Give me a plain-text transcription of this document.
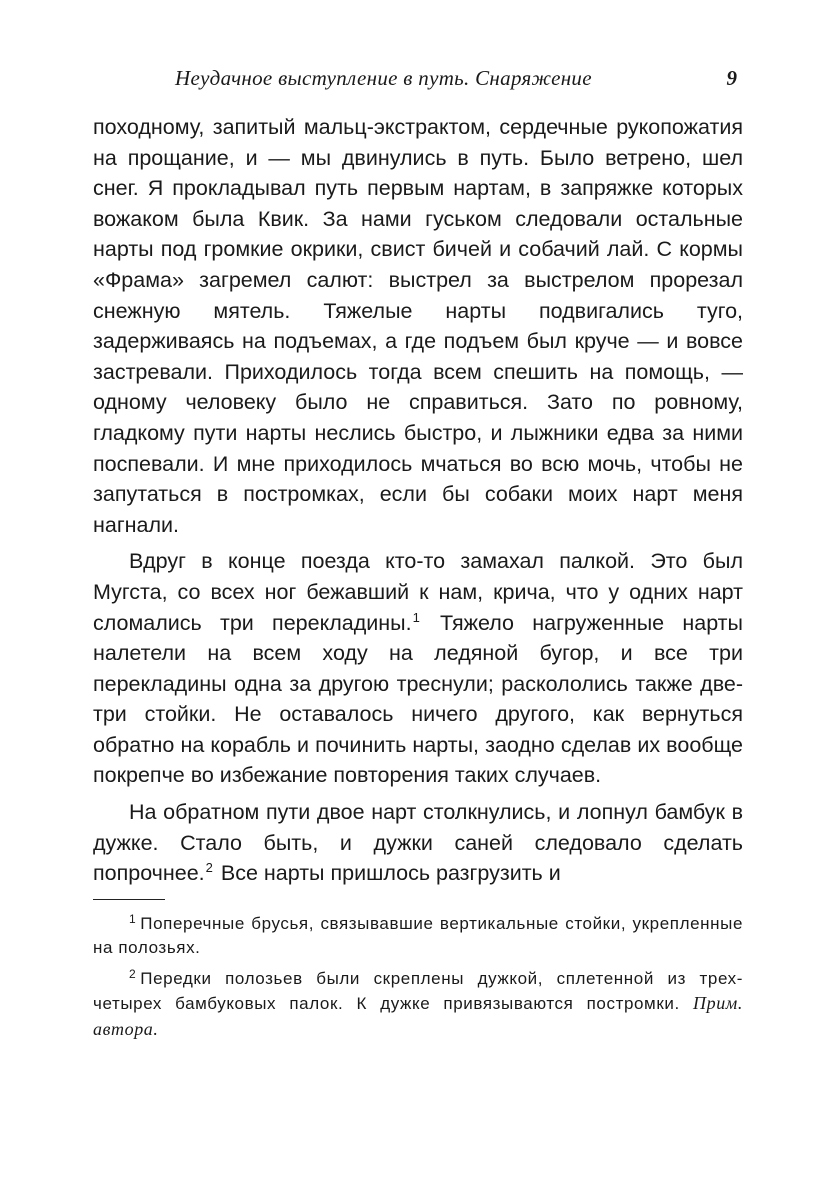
Неудачное выступление в путь. Снаряжение	9

походному, запитый мальц-экстрактом, сердечные рукопожатия на прощание, и — мы двинулись в путь. Было ветрено, шел снег. Я прокладывал путь первым нартам, в запряжке которых вожаком была Квик. За нами гуськом следовали остальные нарты под громкие окрики, свист бичей и собачий лай. С кормы «Фрама» загремел салют: выстрел за выстрелом прорезал снежную мятель. Тяжелые нарты подвигались туго, задерживаясь на подъемах, а где подъем был круче — и вовсе застревали. Приходилось тогда всем спешить на помощь, — одному человеку было не справиться. Зато по ровному, гладкому пути нарты неслись быстро, и лыжники едва за ними поспевали. И мне приходилось мчаться во всю мочь, чтобы не запутаться в постромках, если бы собаки моих нарт меня нагнали.

Вдруг в конце поезда кто-то замахал палкой. Это был Мугста, со всех ног бежавший к нам, крича, что у одних нарт сломались три перекладины.$^1$ Тяжело нагруженные нарты налетели на всем ходу на ледяной бугор, и все три перекладины одна за другою треснули; раскололись также две-три стойки. Не оставалось ничего другого, как вернуться обратно на корабль и починить нарты, заодно сделав их вообще покрепче во избежание повторения таких случаев.

На обратном пути двое нарт столкнулись, и лопнул бамбук в дужке. Стало быть, и дужки саней следовало сделать попрочнее.$^2$ Все нарты пришлось разгрузить и

$^1$ Поперечные брусья, связывавшие вертикальные стойки, укрепленные на полозьях.

$^2$ Передки полозьев были скреплены дужкой, сплетенной из трех-четырех бамбуковых палок. К дужке привязываются постромки. Прим. автора.
